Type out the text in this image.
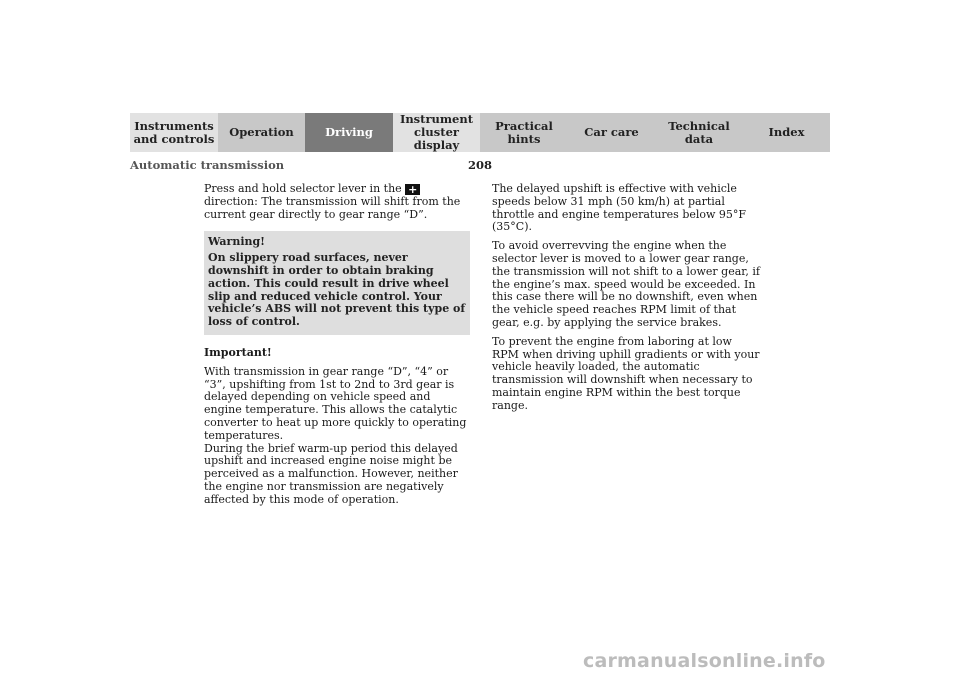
Instruments
and controls	Operation	Driving
Instrument
cluster display
Practical hints	Car care	Technical
data	Index
Automatic transmission	208

Press and hold selector lever in the + direction: The transmission will shift from the current gear directly to gear range “D”.

Warning!
On slippery road surfaces, never downshift in order to obtain braking action. This could result in drive wheel slip and reduced vehicle control. Your vehicle’s ABS will not prevent this type of loss of control.
Important!
With transmission in gear range “D”, “4” or “3”, upshifting from 1st to 2nd to 3rd gear is delayed depending on vehicle speed and engine temperature. This allows the catalytic converter to heat up more quickly to operating temperatures.
During the brief warm-up period this delayed upshift and increased engine noise might be perceived as a malfunction. However, neither the engine nor transmission are negatively affected by this mode of operation.

The delayed upshift is effective with vehicle speeds below 31 mph (50 km/h) at partial throttle and engine temperatures below 95°F (35°C).

To avoid overrevving the engine when the selector lever is moved to a lower gear range, the transmission will not shift to a lower gear, if the engine’s max. speed would be exceeded. In this case there will be no downshift, even when the vehicle speed reaches RPM limit of that gear, e.g. by applying the service brakes.

To prevent the engine from laboring at low RPM when driving uphill gradients or with your vehicle heavily loaded, the automatic transmission will downshift when necessary to maintain engine RPM within the best torque range.

carmanualsonline.info
